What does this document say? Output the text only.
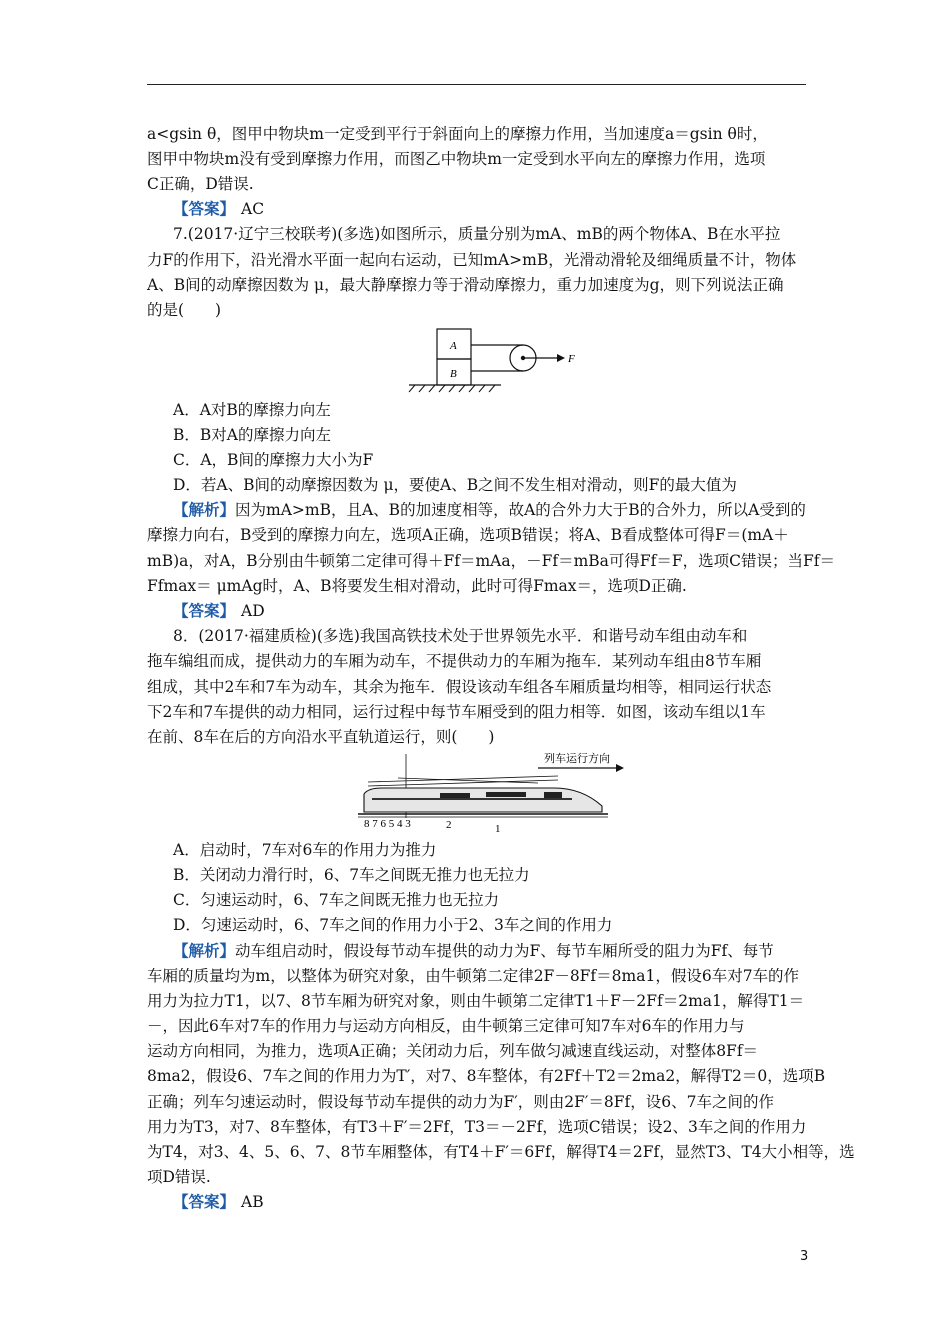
a<gsin θ，图甲中物块m一定受到平行于斜面向上的摩擦力作用，当加速度a＝gsin θ时，
图甲中物块m没有受到摩擦力作用，而图乙中物块m一定受到水平向左的摩擦力作用，选项
C正确，D错误.
【答案】 AC
7.(2017·辽宁三校联考)(多选)如图所示，质量分别为mA、mB的两个物体A、B在水平拉
力F的作用下，沿光滑水平面一起向右运动，已知mA>mB，光滑动滑轮及细绳质量不计，物体
A、B间的动摩擦因数为 μ，最大静摩擦力等于滑动摩擦力，重力加速度为g，则下列说法正确
的是(　　)
A
B
F
A．A对B的摩擦力向左
B．B对A的摩擦力向左
C．A，B间的摩擦力大小为F
D．若A、B间的动摩擦因数为 μ，要使A、B之间不发生相对滑动，则F的最大值为
【解析】因为mA>mB，且A、B的加速度相等，故A的合外力大于B的合外力，所以A受到的
摩擦力向右，B受到的摩擦力向左，选项A正确，选项B错误；将A、B看成整体可得F＝(mA＋
mB)a，对A，B分别由牛顿第二定律可得＋Ff＝mAa，－Ff＝mBa可得Ff＝F，选项C错误；当Ff＝
Ffmax＝ μmAg时，A、B将要发生相对滑动，此时可得Fmax＝，选项D正确.
【答案】 AD
8．(2017·福建质检)(多选)我国高铁技术处于世界领先水平．和谐号动车组由动车和
拖车编组而成，提供动力的车厢为动车，不提供动力的车厢为拖车．某列动车组由8节车厢
组成，其中2车和7车为动车，其余为拖车．假设该动车组各车厢质量均相等，相同运行状态
下2车和7车提供的动力相同，运行过程中每节车厢受到的阻力相等．如图，该动车组以1车
在前、8车在后的方向沿水平直轨道运行，则(　　)
列车运行方向
8 7 6 5 4 3	2	1
A．启动时，7车对6车的作用力为推力
B．关闭动力滑行时，6、7车之间既无推力也无拉力
C．匀速运动时，6、7车之间既无推力也无拉力
D．匀速运动时，6、7车之间的作用力小于2、3车之间的作用力
【解析】动车组启动时，假设每节动车提供的动力为F、每节车厢所受的阻力为Ff、每节
车厢的质量均为m，以整体为研究对象，由牛顿第二定律2F－8Ff＝8ma1，假设6车对7车的作
用力为拉力T1，以7、8节车厢为研究对象，则由牛顿第二定律T1＋F－2Ff＝2ma1，解得T1＝
－，因此6车对7车的作用力与运动方向相反，由牛顿第三定律可知7车对6车的作用力与
运动方向相同，为推力，选项A正确；关闭动力后，列车做匀减速直线运动，对整体8Ff＝
8ma2，假设6、7车之间的作用力为T′，对7、8车整体，有2Ff＋T2＝2ma2，解得T2＝0，选项B
正确；列车匀速运动时，假设每节动车提供的动力为F′，则由2F′＝8Ff，设6、7车之间的作
用力为T3，对7、8车整体，有T3＋F′＝2Ff，T3＝－2Ff，选项C错误；设2、3车之间的作用力
为T4，对3、4、5、6、7、8节车厢整体，有T4＋F′＝6Ff，解得T4＝2Ff，显然T3、T4大小相等，选
项D错误.
【答案】 AB
3
